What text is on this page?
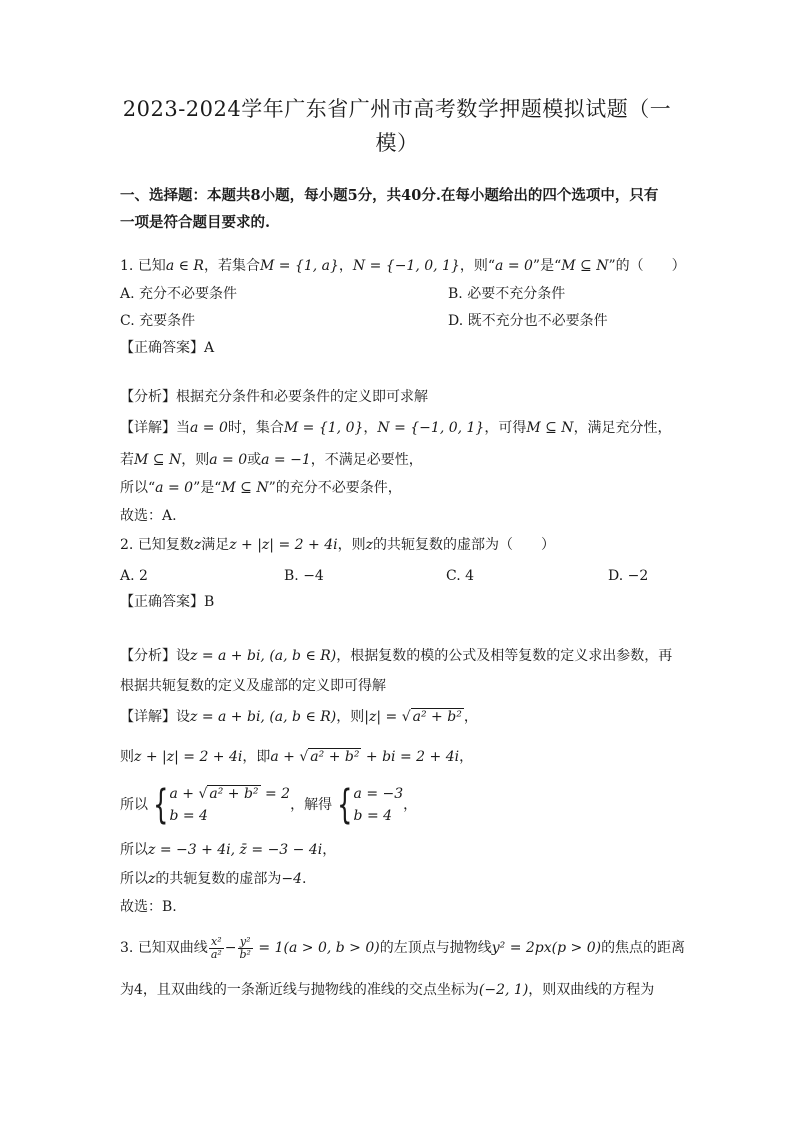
2023-2024学年广东省广州市高考数学押题模拟试题（一
模）
一、选择题：本题共8小题，每小题5分，共40分.在每小题给出的四个选项中，只有
一项是符合题目要求的.
1. 已知a ∈ R，若集合M = {1, a}，N = {−1, 0, 1}，则“a = 0”是“M ⊆ N”的（　　）
A. 充分不必要条件	B. 必要不充分条件
C. 充要条件	D. 既不充分也不必要条件
【正确答案】A
【分析】根据充分条件和必要条件的定义即可求解
【详解】当a = 0时，集合M = {1, 0}，N = {−1, 0, 1}，可得M ⊆ N，满足充分性，
若M ⊆ N，则a = 0或a = −1，不满足必要性，
所以“a = 0”是“M ⊆ N”的充分不必要条件，
故选：A.
2. 已知复数z满足z + |z| = 2 + 4i，则z的共轭复数的虚部为（　　）
A. 2	B. −4	C. 4	D. −2
【正确答案】B
【分析】设z = a + bi, (a, b ∈ R)，根据复数的模的公式及相等复数的定义求出参数，再
根据共轭复数的定义及虚部的定义即可得解
【详解】设z = a + bi, (a, b ∈ R)，则|z| = √ a² + b² ，
则z + |z| = 2 + 4i，即a + √ a² + b² + bi = 2 + 4i，
所以 { a + √ a² + b² = 2
b = 4
，解得 { a = −3
b = 4
，
所以z = −3 + 4i, z̄ = −3 − 4i，
所以z的共轭复数的虚部为−4.
故选：B.
3. 已知双曲线 $\frac{\text{x²}}{\text{a²}} - \frac{\text{y²}}{\text{b²}} = 1(a > 0$, b > 0)的左顶点与抛物线y² = 2px(p > 0)的焦点的距离
为4，且双曲线的一条渐近线与抛物线的准线的交点坐标为(−2, 1)，则双曲线的方程为
